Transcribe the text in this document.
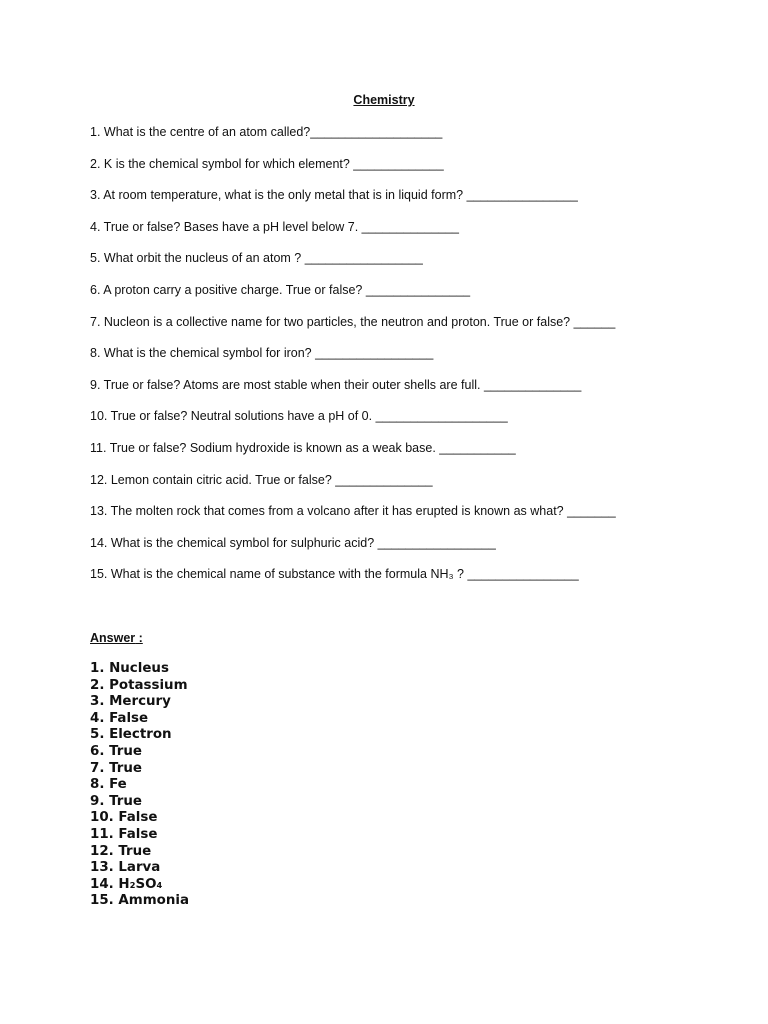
Chemistry
1. What is the centre of an atom called?___________________
2. K is the chemical symbol for which element? _____________
3. At room temperature, what is the only metal that is in liquid form? ________________
4. True or false? Bases have a pH level below 7. ______________
5. What orbit the nucleus of an atom ? _________________
6. A proton carry a positive charge. True or false? _______________
7. Nucleon is a collective name for two particles, the neutron and proton. True or false? ______
8. What is the chemical symbol for iron? _________________
9. True or false? Atoms are most stable when their outer shells are full. ______________
10. True or false? Neutral solutions have a pH of 0. ___________________
11. True or false? Sodium hydroxide is known as a weak base. ___________
12. Lemon contain citric acid. True or false? ______________
13. The molten rock that comes from a volcano after it has erupted is known as what? _______
14. What is the chemical symbol for sulphuric acid? _________________
15. What is the chemical name of substance with the formula NH₃ ? ________________
Answer :
1. Nucleus
2. Potassium
3. Mercury
4. False
5. Electron
6. True
7. True
8. Fe
9. True
10. False
11. False
12. True
13. Larva
14. H₂SO₄
15. Ammonia
